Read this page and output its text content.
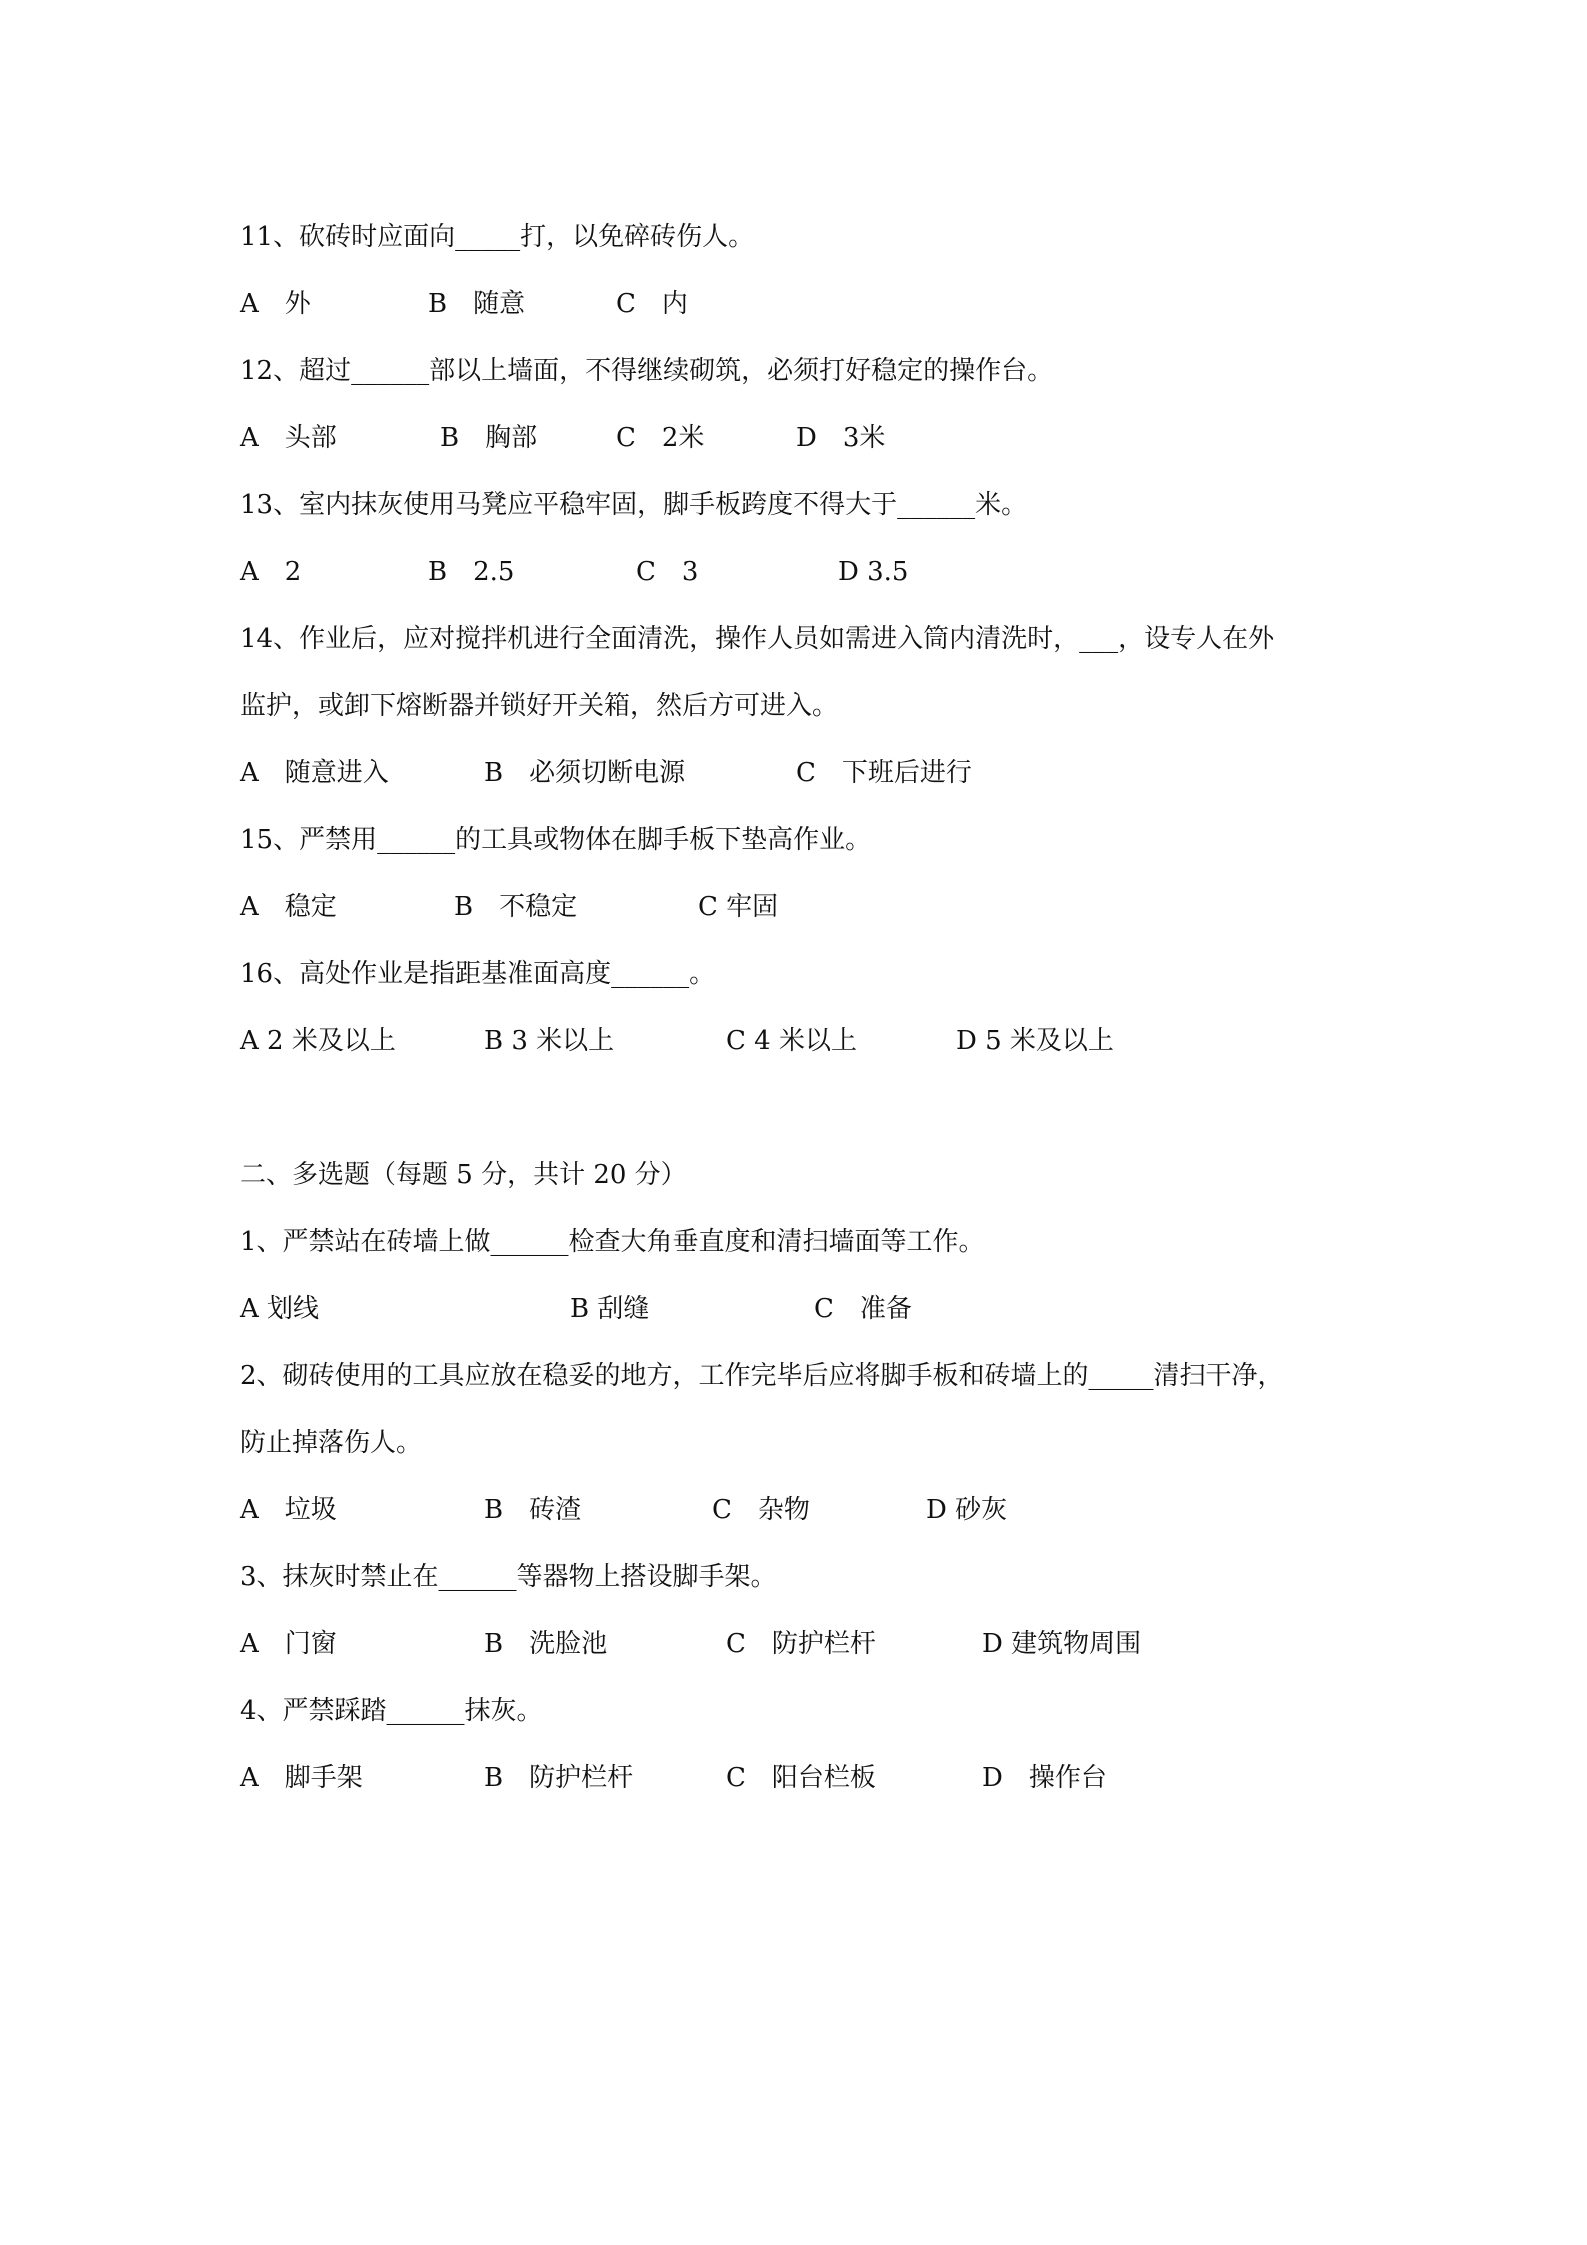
11、砍砖时应面向_____打，以免碎砖伤人。
A　外	B　随意	C　内
12、超过______部以上墙面，不得继续砌筑，必须打好稳定的操作台。
A　头部	B　胸部	C　2米	D　3米
13、室内抹灰使用马凳应平稳牢固，脚手板跨度不得大于______米。
A　2	B　2.5	C　3	D 3.5
14、作业后，应对搅拌机进行全面清洗，操作人员如需进入筒内清洗时，___，设专人在外
监护，或卸下熔断器并锁好开关箱，然后方可进入。
A　随意进入	B　必须切断电源	C　下班后进行
15、严禁用______的工具或物体在脚手板下垫高作业。
A　稳定	B　不稳定	C 牢固
16、高处作业是指距基准面高度______。
A 2 米及以上	B 3 米以上	C 4 米以上	D 5 米及以上
二、多选题（每题 5 分，共计 20 分）
1、严禁站在砖墙上做______检查大角垂直度和清扫墙面等工作。
A 划线	B 刮缝	C　准备
2、砌砖使用的工具应放在稳妥的地方，工作完毕后应将脚手板和砖墙上的_____清扫干净，
防止掉落伤人。
A　垃圾	B　砖渣	C　杂物	D 砂灰
3、抹灰时禁止在______等器物上搭设脚手架。
A　门窗	B　洗脸池	C　防护栏杆	D 建筑物周围
4、严禁踩踏______抹灰。
A　脚手架	B　防护栏杆	C　阳台栏板	D　操作台
